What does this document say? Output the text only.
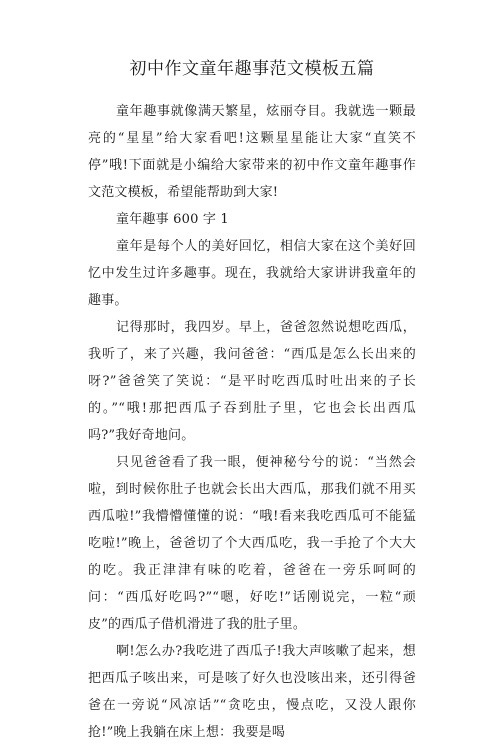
初中作文童年趣事范文模板五篇

童年趣事就像满天繁星，炫丽夺目。我就选一颗最亮的“星星”给大家看吧!这颗星星能让大家“直笑不停”哦!下面就是小编给大家带来的初中作文童年趣事作文范文模板，希望能帮助到大家!

童年趣事 600 字 1

童年是每个人的美好回忆，相信大家在这个美好回忆中发生过许多趣事。现在，我就给大家讲讲我童年的趣事。

记得那时，我四岁。早上，爸爸忽然说想吃西瓜，我听了，来了兴趣，我问爸爸：“西瓜是怎么长出来的呀?”爸爸笑了笑说：“是平时吃西瓜时吐出来的子长的。”“哦!那把西瓜子吞到肚子里，它也会长出西瓜吗?”我好奇地问。

只见爸爸看了我一眼，便神秘兮兮的说：“当然会啦，到时候你肚子也就会长出大西瓜，那我们就不用买西瓜啦!”我懵懵懂懂的说：“哦!看来我吃西瓜可不能猛吃啦!”晚上，爸爸切了个大西瓜吃，我一手抢了个大大的吃。我正津津有味的吃着，爸爸在一旁乐呵呵的问：“西瓜好吃吗?”“嗯，好吃!”话刚说完，一粒“顽皮”的西瓜子借机滑进了我的肚子里。

啊!怎么办?我吃进了西瓜子!我大声咳嗽了起来，想把西瓜子咳出来，可是咳了好久也没咳出来，还引得爸爸在一旁说“风凉话”“贪吃虫，慢点吃，又没人跟你抢!”晚上我躺在床上想：我要是喝
